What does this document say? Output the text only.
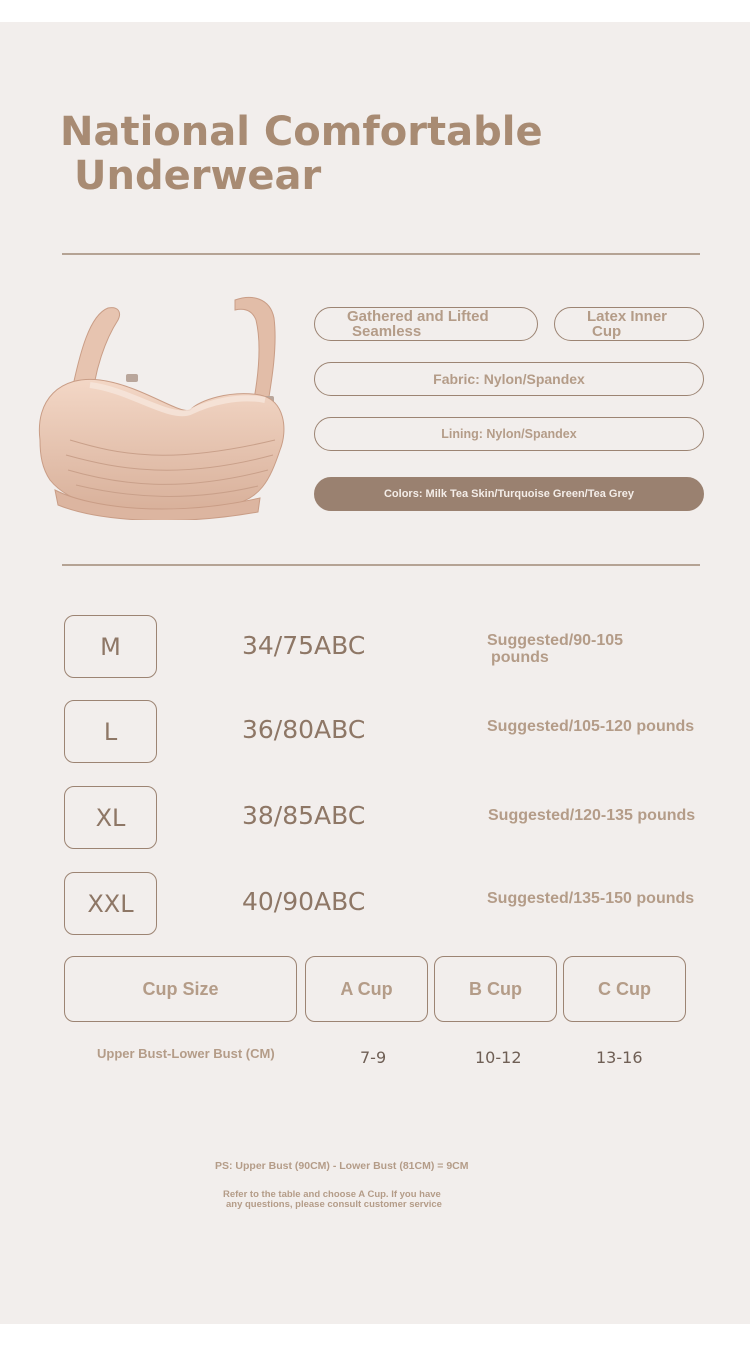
National Comfortable
Underwear
Gathered and Lifted
Seamless
Latex Inner
Cup
Fabric: Nylon/Spandex
Lining: Nylon/Spandex
Colors: Milk Tea Skin/Turquoise Green/Tea Grey
M	34/75ABC	Suggested/90-105
pounds
L	36/80ABC	Suggested/105-120 pounds
XL	38/85ABC	Suggested/120-135 pounds
XXL	40/90ABC	Suggested/135-150 pounds
Cup Size	A Cup	B Cup	C Cup
Upper Bust-Lower Bust (CM)	7-9	10-12	13-16
PS: Upper Bust (90CM) - Lower Bust (81CM) = 9CM
Refer to the table and choose A Cup. If you have
any questions, please consult customer service
